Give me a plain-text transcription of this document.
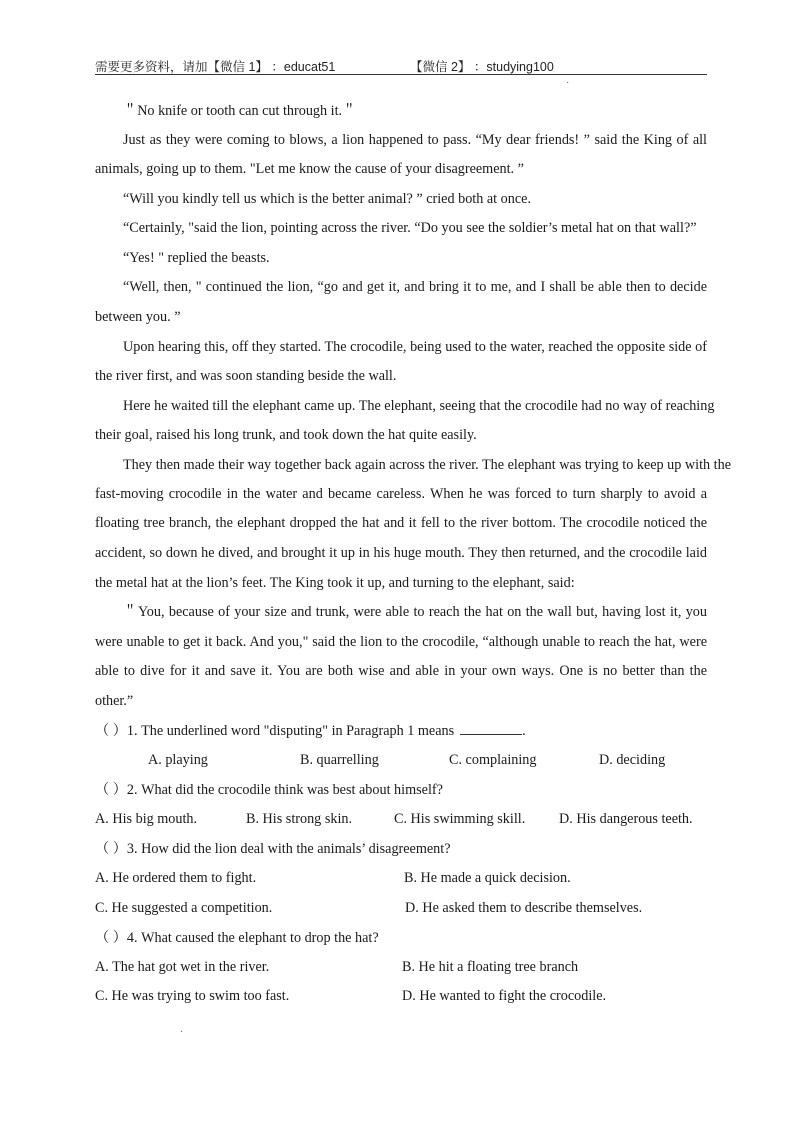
需要更多资料，请加【微信 1】 ：educat51	【微信 2】 ：studying100
·
·
＂No knife or tooth can cut through it.＂
Just as they were coming to blows, a lion happened to pass. “My dear friends! ” said the King of all
animals, going up to them. "Let me know the cause of your disagreement. ”
“Will you kindly tell us which is the better animal? ” cried both at once.
“Certainly, "said the lion, pointing across the river. “Do you see the soldier’s metal hat on that wall?”
“Yes! " replied the beasts.
“Well, then, " continued the lion, “go and get it, and bring it to me, and I shall be able then to decide
between you. ”
Upon hearing this, off they started. The crocodile, being used to the water, reached the opposite side of
the river first, and was soon standing beside the wall.
Here he waited till the elephant came up. The elephant, seeing that the crocodile had no way of reaching
their goal, raised his long trunk, and took down the hat quite easily.
They then made their way together back again across the river. The elephant was trying to keep up with the
fast-moving crocodile in the water and became careless. When he was forced to turn sharply to avoid a
floating tree branch, the elephant dropped the hat and it fell to the river bottom. The crocodile noticed the
accident, so down he dived, and brought it up in his huge mouth. They then returned, and the crocodile laid
the metal hat at the lion’s feet. The King took it up, and turning to the elephant, said:
＂You, because of your size and trunk, were able to reach the hat on the wall but, having lost it, you
were unable to get it back. And you," said the lion to the crocodile, “although unable to reach the hat, were
able to dive for it and save it. You are both wise and able in your own ways. One is no better than the
other.”
（ ）1. The underlined word "disputing" in Paragraph 1 means	.
A. playing	B. quarrelling	C. complaining	D. deciding
（ ）2. What did the crocodile think was best about himself?
A. His big mouth.	B. His strong skin.	C. His swimming skill. D. His dangerous teeth.
（ ）3. How did the lion deal with the animals’ disagreement?
A. He ordered them to fight.	B. He made a quick decision.
C. He suggested a competition.	D. He asked them to describe themselves.
（ ）4. What caused the elephant to drop the hat?
A. The hat got wet in the river.	B. He hit a floating tree branch
C. He was trying to swim too fast.	D. He wanted to fight the crocodile.
